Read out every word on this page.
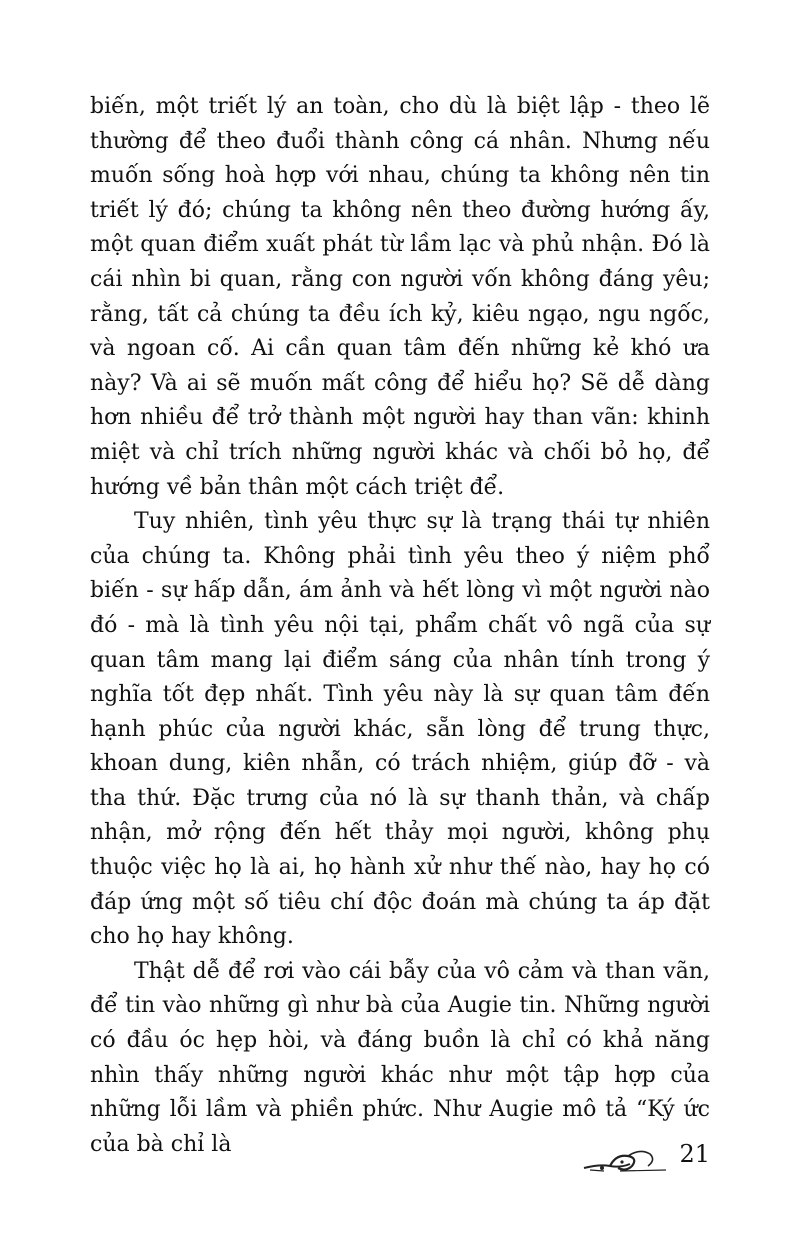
biến, một triết lý an toàn, cho dù là biệt lập - theo lẽ thường để theo đuổi thành công cá nhân. Nhưng nếu muốn sống hoà hợp với nhau, chúng ta không nên tin triết lý đó; chúng ta không nên theo đường hướng ấy, một quan điểm xuất phát từ lầm lạc và phủ nhận. Đó là cái nhìn bi quan, rằng con người vốn không đáng yêu; rằng, tất cả chúng ta đều ích kỷ, kiêu ngạo, ngu ngốc, và ngoan cố. Ai cần quan tâm đến những kẻ khó ưa này? Và ai sẽ muốn mất công để hiểu họ? Sẽ dễ dàng hơn nhiều để trở thành một người hay than vãn: khinh miệt và chỉ trích những người khác và chối bỏ họ, để hướng về bản thân một cách triệt để.

Tuy nhiên, tình yêu thực sự là trạng thái tự nhiên của chúng ta. Không phải tình yêu theo ý niệm phổ biến - sự hấp dẫn, ám ảnh và hết lòng vì một người nào đó - mà là tình yêu nội tại, phẩm chất vô ngã của sự quan tâm mang lại điểm sáng của nhân tính trong ý nghĩa tốt đẹp nhất. Tình yêu này là sự quan tâm đến hạnh phúc của người khác, sẵn lòng để trung thực, khoan dung, kiên nhẫn, có trách nhiệm, giúp đỡ - và tha thứ. Đặc trưng của nó là sự thanh thản, và chấp nhận, mở rộng đến hết thảy mọi người, không phụ thuộc việc họ là ai, họ hành xử như thế nào, hay họ có đáp ứng một số tiêu chí độc đoán mà chúng ta áp đặt cho họ hay không.

Thật dễ để rơi vào cái bẫy của vô cảm và than vãn, để tin vào những gì như bà của Augie tin. Những người có đầu óc hẹp hòi, và đáng buồn là chỉ có khả năng nhìn thấy những người khác như một tập hợp của những lỗi lầm và phiền phức. Như Augie mô tả “Ký ức của bà chỉ là	21
